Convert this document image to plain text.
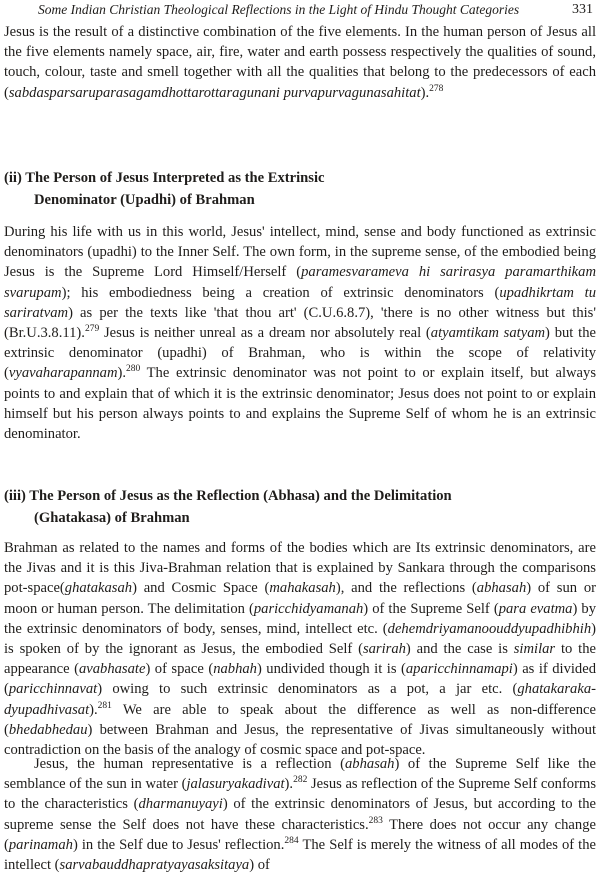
Some Indian Christian Theological Reflections in the Light of Hindu Thought Categories	331

Jesus is the result of a distinctive combination of the five elements. In the human person of Jesus all the five elements namely space, air, fire, water and earth possess respectively the qualities of sound, touch, colour, taste and smell together with all the qualities that belong to the predecessors of each (sabdasparsaruparasagamdhottarottaragunani purvapurvagunasahitat).$^{278}$

(ii) The Person of Jesus Interpreted as the Extrinsic
Denominator (Upadhi) of Brahman

During his life with us in this world, Jesus' intellect, mind, sense and body functioned as extrinsic denominators (upadhi) to the Inner Self. The own form, in the supreme sense, of the embodied being Jesus is the Supreme Lord Himself/Herself (paramesvarameva hi sarirasya paramarthikam svarupam); his embodiedness being a creation of extrinsic denominators (upadhikrtam tu sariratvam) as per the texts like 'that thou art' (C.U.6.8.7), 'there is no other witness but this' (Br.U.3.8.11).$^{279}$ Jesus is neither unreal as a dream nor absolutely real (atyamtikam satyam) but the extrinsic denominator (upadhi) of Brahman, who is within the scope of relativity (vyavaharapannam).$^{280}$ The extrinsic denominator was not point to or explain itself, but always points to and explain that of which it is the extrinsic denominator; Jesus does not point to or explain himself but his person always points to and explains the Supreme Self of whom he is an extrinsic denominator.

(iii) The Person of Jesus as the Reflection (Abhasa) and the Delimitation
(Ghatakasa) of Brahman

Brahman as related to the names and forms of the bodies which are Its extrinsic denominators, are the Jivas and it is this Jiva-Brahman relation that is explained by Sankara through the comparisons pot-space(ghatakasah) and Cosmic Space (mahakasah), and the reflections (abhasah) of sun or moon or human person. The delimitation (paricchidyamanah) of the Supreme Self (para evatma) by the extrinsic denominators of body, senses, mind, intellect etc. (dehemdriyamanoouddyupadhibhih) is spoken of by the ignorant as Jesus, the embodied Self (sarirah) and the case is similar to the appearance (avabhasate) of space (nabhah) undivided though it is (aparicchinnamapi) as if divided (paricchinnavat) owing to such extrinsic denominators as a pot, a jar etc. (ghatakaraka-dyupadhivasat).$^{281}$ We are able to speak about the difference as well as non-difference (bhedabhedau) between Brahman and Jesus, the representative of Jivas simultaneously without contradiction on the basis of the analogy of cosmic space and pot-space.

Jesus, the human representative is a reflection (abhasah) of the Supreme Self like the semblance of the sun in water (jalasuryakadivat).$^{282}$ Jesus as reflection of the Supreme Self conforms to the characteristics (dharmanuyayi) of the extrinsic denominators of Jesus, but according to the supreme sense the Self does not have these characteristics.$^{283}$ There does not occur any change (parinamah) in the Self due to Jesus' reflection.$^{284}$ The Self is merely the witness of all modes of the intellect (sarvabauddhapratyayasaksitaya) of
